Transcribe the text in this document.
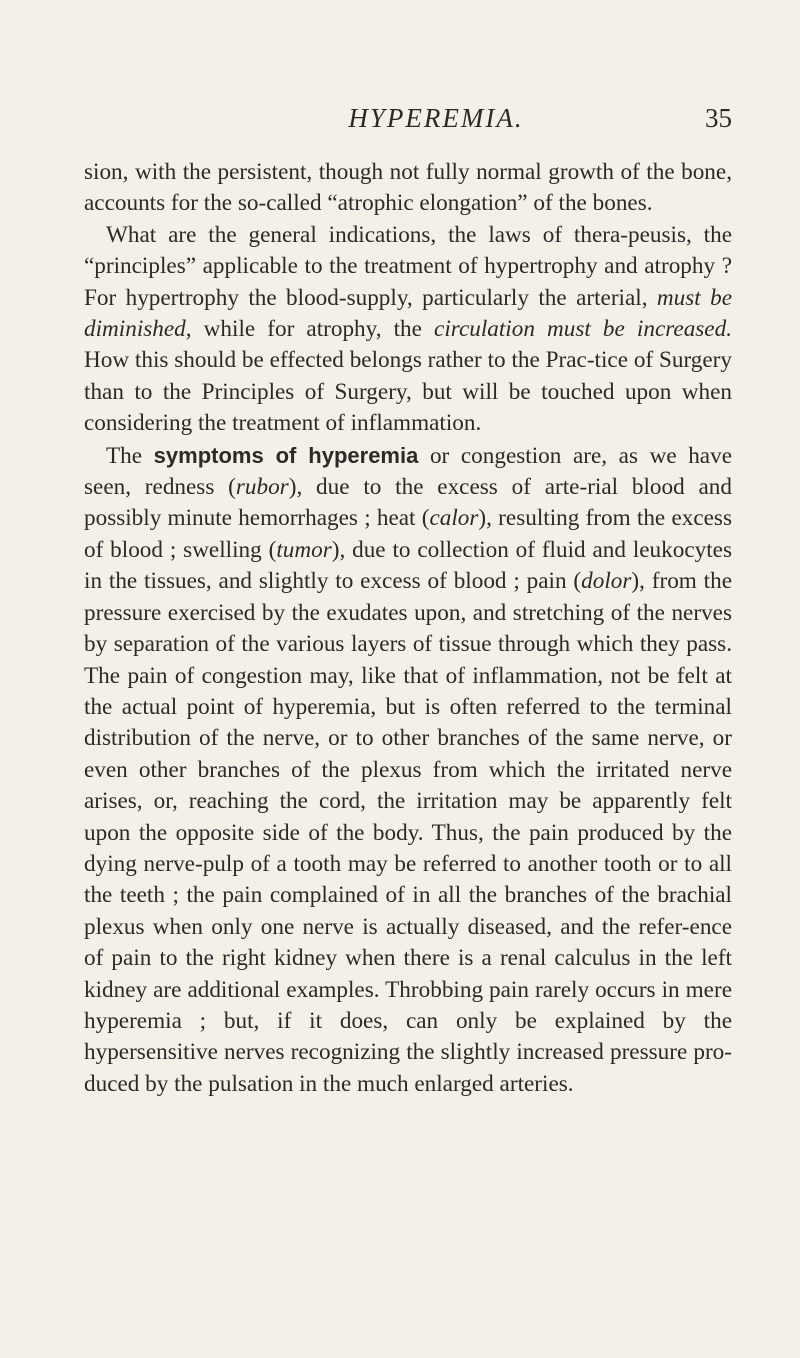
HYPEREMIA.	35

sion, with the persistent, though not fully normal growth of the bone, accounts for the so-called “atrophic elongation” of the bones.

What are the general indications, the laws of thera-peusis, the “principles” applicable to the treatment of hypertrophy and atrophy ? For hypertrophy the blood-supply, particularly the arterial, must be diminished, while for atrophy, the circulation must be increased. How this should be effected belongs rather to the Prac-tice of Surgery than to the Principles of Surgery, but will be touched upon when considering the treatment of inflammation.

The symptoms of hyperemia or congestion are, as we have seen, redness (rubor), due to the excess of arte-rial blood and possibly minute hemorrhages ; heat (calor), resulting from the excess of blood ; swelling (tumor), due to collection of fluid and leukocytes in the tissues, and slightly to excess of blood ; pain (dolor), from the pressure exercised by the exudates upon, and stretching of the nerves by separation of the various layers of tissue through which they pass. The pain of congestion may, like that of inflammation, not be felt at the actual point of hyperemia, but is often referred to the terminal distribution of the nerve, or to other branches of the same nerve, or even other branches of the plexus from which the irritated nerve arises, or, reaching the cord, the irritation may be apparently felt upon the opposite side of the body. Thus, the pain produced by the dying nerve-pulp of a tooth may be referred to another tooth or to all the teeth ; the pain complained of in all the branches of the brachial plexus when only one nerve is actually diseased, and the refer-ence of pain to the right kidney when there is a renal calculus in the left kidney are additional examples. Throbbing pain rarely occurs in mere hyperemia ; but, if it does, can only be explained by the hypersensitive nerves recognizing the slightly increased pressure pro-duced by the pulsation in the much enlarged arteries.
